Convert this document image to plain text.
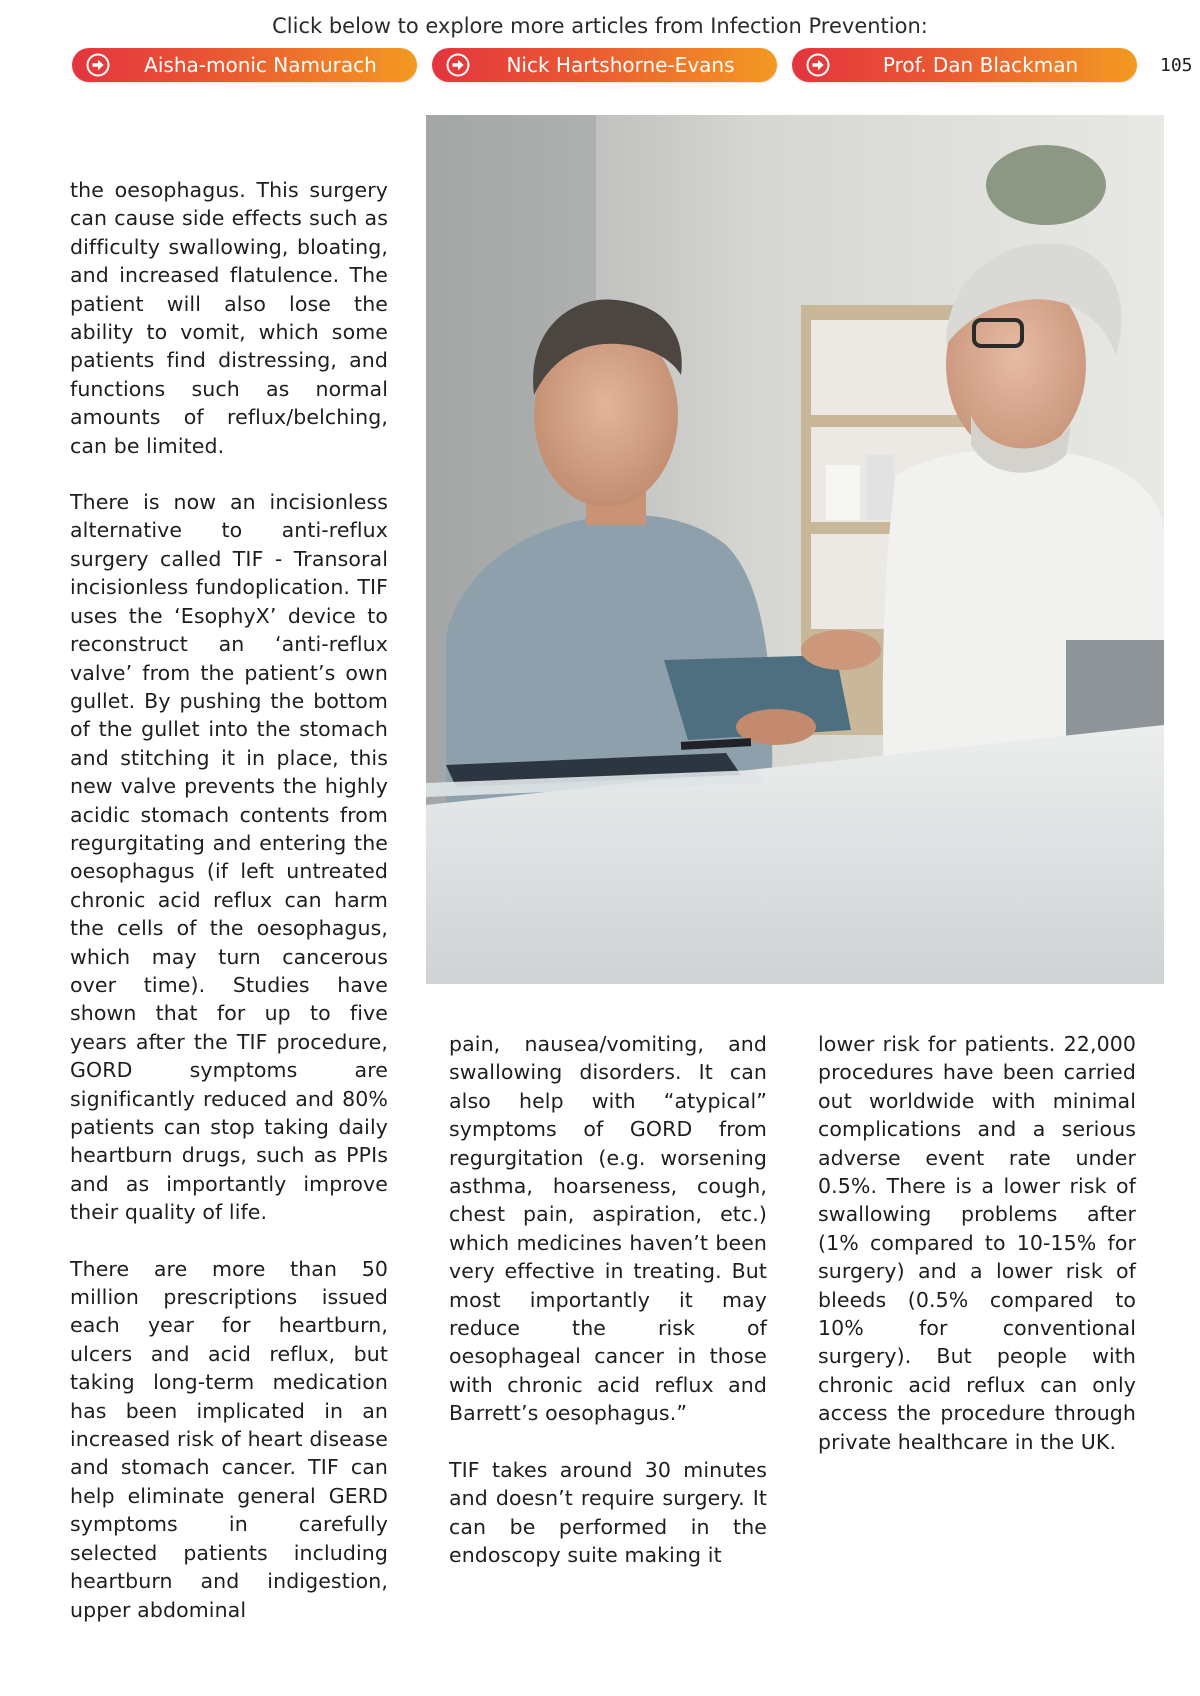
Click below to explore more articles from Infection Prevention:
Aisha-monic Namurach	Nick Hartshorne-Evans	Prof. Dan Blackman	105

the oesophagus. This surgery can cause side effects such as difficulty swallowing, bloating, and increased flatulence. The patient will also lose the ability to vomit, which some patients find distressing, and functions such as normal amounts of reflux/belching, can be limited.

There is now an incisionless alternative to anti-reflux surgery called TIF - Transoral incisionless fundoplication. TIF uses the ‘EsophyX’ device to reconstruct an ‘anti-reflux valve’ from the patient’s own gullet. By pushing the bottom of the gullet into the stomach and stitching it in place, this new valve prevents the highly acidic stomach contents from regurgitating and entering the oesophagus (if left untreated chronic acid reflux can harm the cells of the oesophagus, which may turn cancerous over time). Studies have shown that for up to five years after the TIF procedure, GORD symptoms are significantly reduced and 80% patients can stop taking daily heartburn drugs, such as PPIs and as importantly improve their quality of life.

There are more than 50 million prescriptions issued each year for heartburn, ulcers and acid reflux, but taking long-term medication has been implicated in an increased risk of heart disease and stomach cancer. TIF can help eliminate general GERD symptoms in carefully selected patients including heartburn and indigestion, upper abdominal

pain, nausea/vomiting, and swallowing disorders. It can also help with “atypical” symptoms of GORD from regurgitation (e.g. worsening asthma, hoarseness, cough, chest pain, aspiration, etc.) which medicines haven’t been very effective in treating. But most importantly it may reduce the risk of oesophageal cancer in those with chronic acid reflux and Barrett’s oesophagus.”

TIF takes around 30 minutes and doesn’t require surgery. It can be performed in the endoscopy suite making it

lower risk for patients. 22,000 procedures have been carried out worldwide with minimal complications and a serious adverse event rate under 0.5%. There is a lower risk of swallowing problems after (1% compared to 10-15% for surgery) and a lower risk of bleeds (0.5% compared to 10% for conventional surgery). But people with chronic acid reflux can only access the procedure through private healthcare in the UK.
